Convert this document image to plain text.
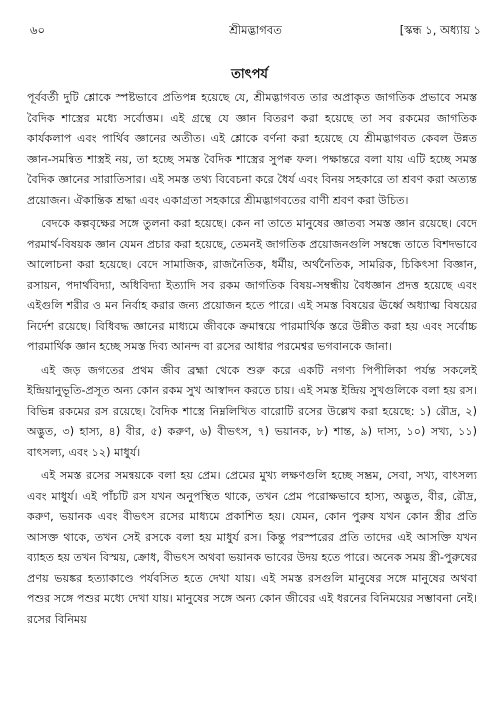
৬০	শ্রীমদ্ভাগবত	[স্কন্ধ ১, অধ্যায় ১
তাৎপর্য

পূর্ববর্তী দুটি শ্লোকে স্পষ্টভাবে প্রতিপন্ন হয়েছে যে, শ্রীমদ্ভাগবত তার অপ্রাকৃত জাগতিক প্রভাবে সমস্ত বৈদিক শাস্ত্রের মধ্যে সর্বোত্তম। এই গ্রন্থে যে জ্ঞান বিতরণ করা হয়েছে তা সব রকমের জাগতিক কার্যকলাপ এবং পার্থিব জ্ঞানের অতীত। এই শ্লোকে বর্ণনা করা হয়েছে যে শ্রীমদ্ভাগবত কেবল উন্নত জ্ঞান-সমন্বিত শাস্ত্রই নয়, তা হচ্ছে সমস্ত বৈদিক শাস্ত্রের সুপক্ব ফল। পক্ষান্তরে বলা যায় এটি হচ্ছে সমস্ত বৈদিক জ্ঞানের সারাতিসার। এই সমস্ত তথ্য বিবেচনা করে ধৈর্য এবং বিনয় সহকারে তা শ্রবণ করা অত্যন্ত প্রয়োজন। ঐকান্তিক শ্রদ্ধা এবং একাগ্রতা সহকারে শ্রীমদ্ভাগবতের বাণী শ্রবণ করা উচিত।

বেদকে কল্পবৃক্ষের সঙ্গে তুলনা করা হয়েছে। কেন না তাতে মানুষের জ্ঞাতব্য সমস্ত জ্ঞান রয়েছে। বেদে পরমার্থ-বিষয়ক জ্ঞান যেমন প্রচার করা হয়েছে, তেমনই জাগতিক প্রয়োজনগুলি সম্বন্ধে তাতে বিশদভাবে আলোচনা করা হয়েছে। বেদে সামাজিক, রাজনৈতিক, ধর্মীয়, অর্থনৈতিক, সামরিক, চিকিৎসা বিজ্ঞান, রসায়ন, পদার্থবিদ্যা, অধিবিদ্যা ইত্যাদি সব রকম জাগতিক বিষয়-সম্বন্ধীয় বৈধজ্ঞান প্রদত্ত হয়েছে এবং এইগুলি শরীর ও মন নির্বাহ করার জন্য প্রয়োজন হতে পারে। এই সমস্ত বিষয়ের ঊর্ধ্বে অধ্যাত্ম বিষয়ের নির্দেশ রয়েছে। বিধিবদ্ধ জ্ঞানের মাধ্যমে জীবকে ক্রমান্বয়ে পারমার্থিক স্তরে উন্নীত করা হয় এবং সর্বোচ্চ পারমার্থিক জ্ঞান হচ্ছে সমস্ত দিব্য আনন্দ বা রসের আধার পরমেশ্বর ভগবানকে জানা।

এই জড় জগতের প্রথম জীব ব্রহ্মা থেকে শুরু করে একটি নগণ্য পিপীলিকা পর্যন্ত সকলেই ইন্দ্রিয়ানুভূতি-প্রসূত অন্য কোন রকম সুখ আস্বাদন করতে চায়। এই সমস্ত ইন্দ্রিয় সুখগুলিকে বলা হয় রস। বিভিন্ন রকমের রস রয়েছে। বৈদিক শাস্ত্রে নিম্নলিখিত বারোটি রসের উল্লেখ করা হয়েছে: ১) রৌদ্র, ২) অদ্ভুত, ৩) হাস্য, ৪) বীর, ৫) করুণ, ৬) বীভৎস, ৭) ভয়ানক, ৮) শান্ত, ৯) দাস্য, ১০) সখ্য, ১১) বাৎসল্য, এবং ১২) মাধুর্য।

এই সমস্ত রসের সমন্বয়কে বলা হয় প্রেম। প্রেমের মুখ্য লক্ষণগুলি হচ্ছে সম্ভ্রম, সেবা, সখ্য, বাৎসল্য এবং মাধুর্য। এই পাঁচটি রস যখন অনুপস্থিত থাকে, তখন প্রেম পরোক্ষভাবে হাস্য, অদ্ভুত, বীর, রৌদ্র, করুণ, ভয়ানক এবং বীভৎস রসের মাধ্যমে প্রকাশিত হয়। যেমন, কোন পুরুষ যখন কোন স্ত্রীর প্রতি আসক্ত থাকে, তখন সেই রসকে বলা হয় মাধুর্য রস। কিন্তু পরস্পরের প্রতি তাদের এই আসক্তি যখন ব্যাহত হয় তখন বিস্ময়, ক্রোধ, বীভৎস অথবা ভয়ানক ভাবের উদয় হতে পারে। অনেক সময় স্ত্রী-পুরুষের প্রণয় ভয়ঙ্কর হত্যাকাণ্ডে পর্যবসিত হতে দেখা যায়। এই সমস্ত রসগুলি মানুষের সঙ্গে মানুষের অথবা পশুর সঙ্গে পশুর মধ্যে দেখা যায়। মানুষের সঙ্গে অন্য কোন জীবের এই ধরনের বিনিময়ের সম্ভাবনা নেই। রসের বিনিময়
